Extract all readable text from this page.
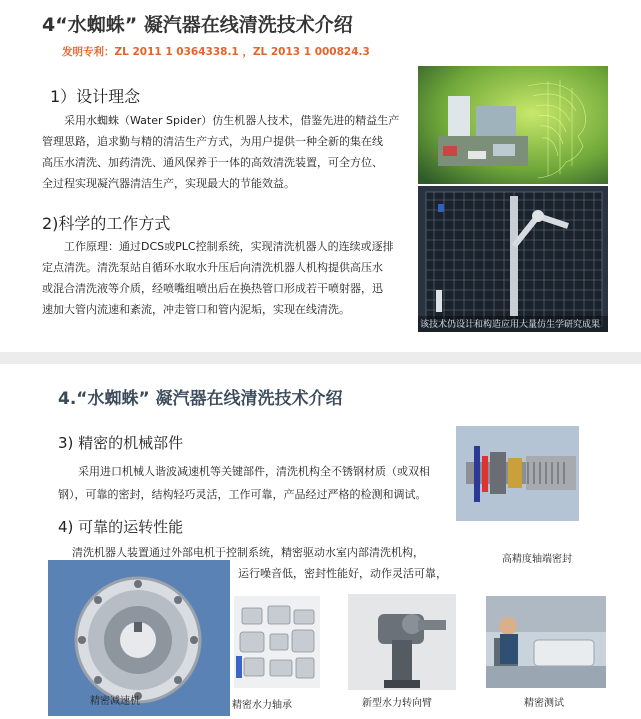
4“水蜘蛛” 凝汽器在线清洗技术介绍
发明专利：ZL 2011 1 0364338.1 ，ZL 2013 1 000824.3
1）设计理念
采用水蜘蛛（Water Spider）仿生机器人技术，借鉴先进的精益生产
管理思路，追求勤与精的清洁生产方式，为用户提供一种全新的集在线
高压水清洗、加药清洗、通风保养于一体的高效清洗装置，可全方位、
全过程实现凝汽器清洁生产，实现最大的节能效益。
2)科学的工作方式
工作原理：通过DCS或PLC控制系统，实现清洗机器人的连续或逐排
定点清洗。清洗泵站自循环水取水升压后向清洗机器人机构提供高压水
或混合清洗液等介质，经喷嘴组喷出后在换热管口形成若干喷射器，迅
速加大管内流速和紊流，冲走管口和管内泥垢，实现在线清洗。
该技术仍设计和构造应用大量仿生学研究成果
4.“水蜘蛛” 凝汽器在线清洗技术介绍
3) 精密的机械部件
采用进口机械人谐波减速机等关键部件，清洗机构全不锈钢材质（或双相
钢），可靠的密封，结构轻巧灵活，工作可靠，产品经过严格的检测和调试。
高精度轴端密封
4) 可靠的运转性能
清洗机器人装置通过外部电机于控制系统，精密驱动水室内部清洗机构，
运行噪音低，密封性能好，动作灵活可靠，
精密减速机	精密水力轴承	新型水力转向臂	精密测试
